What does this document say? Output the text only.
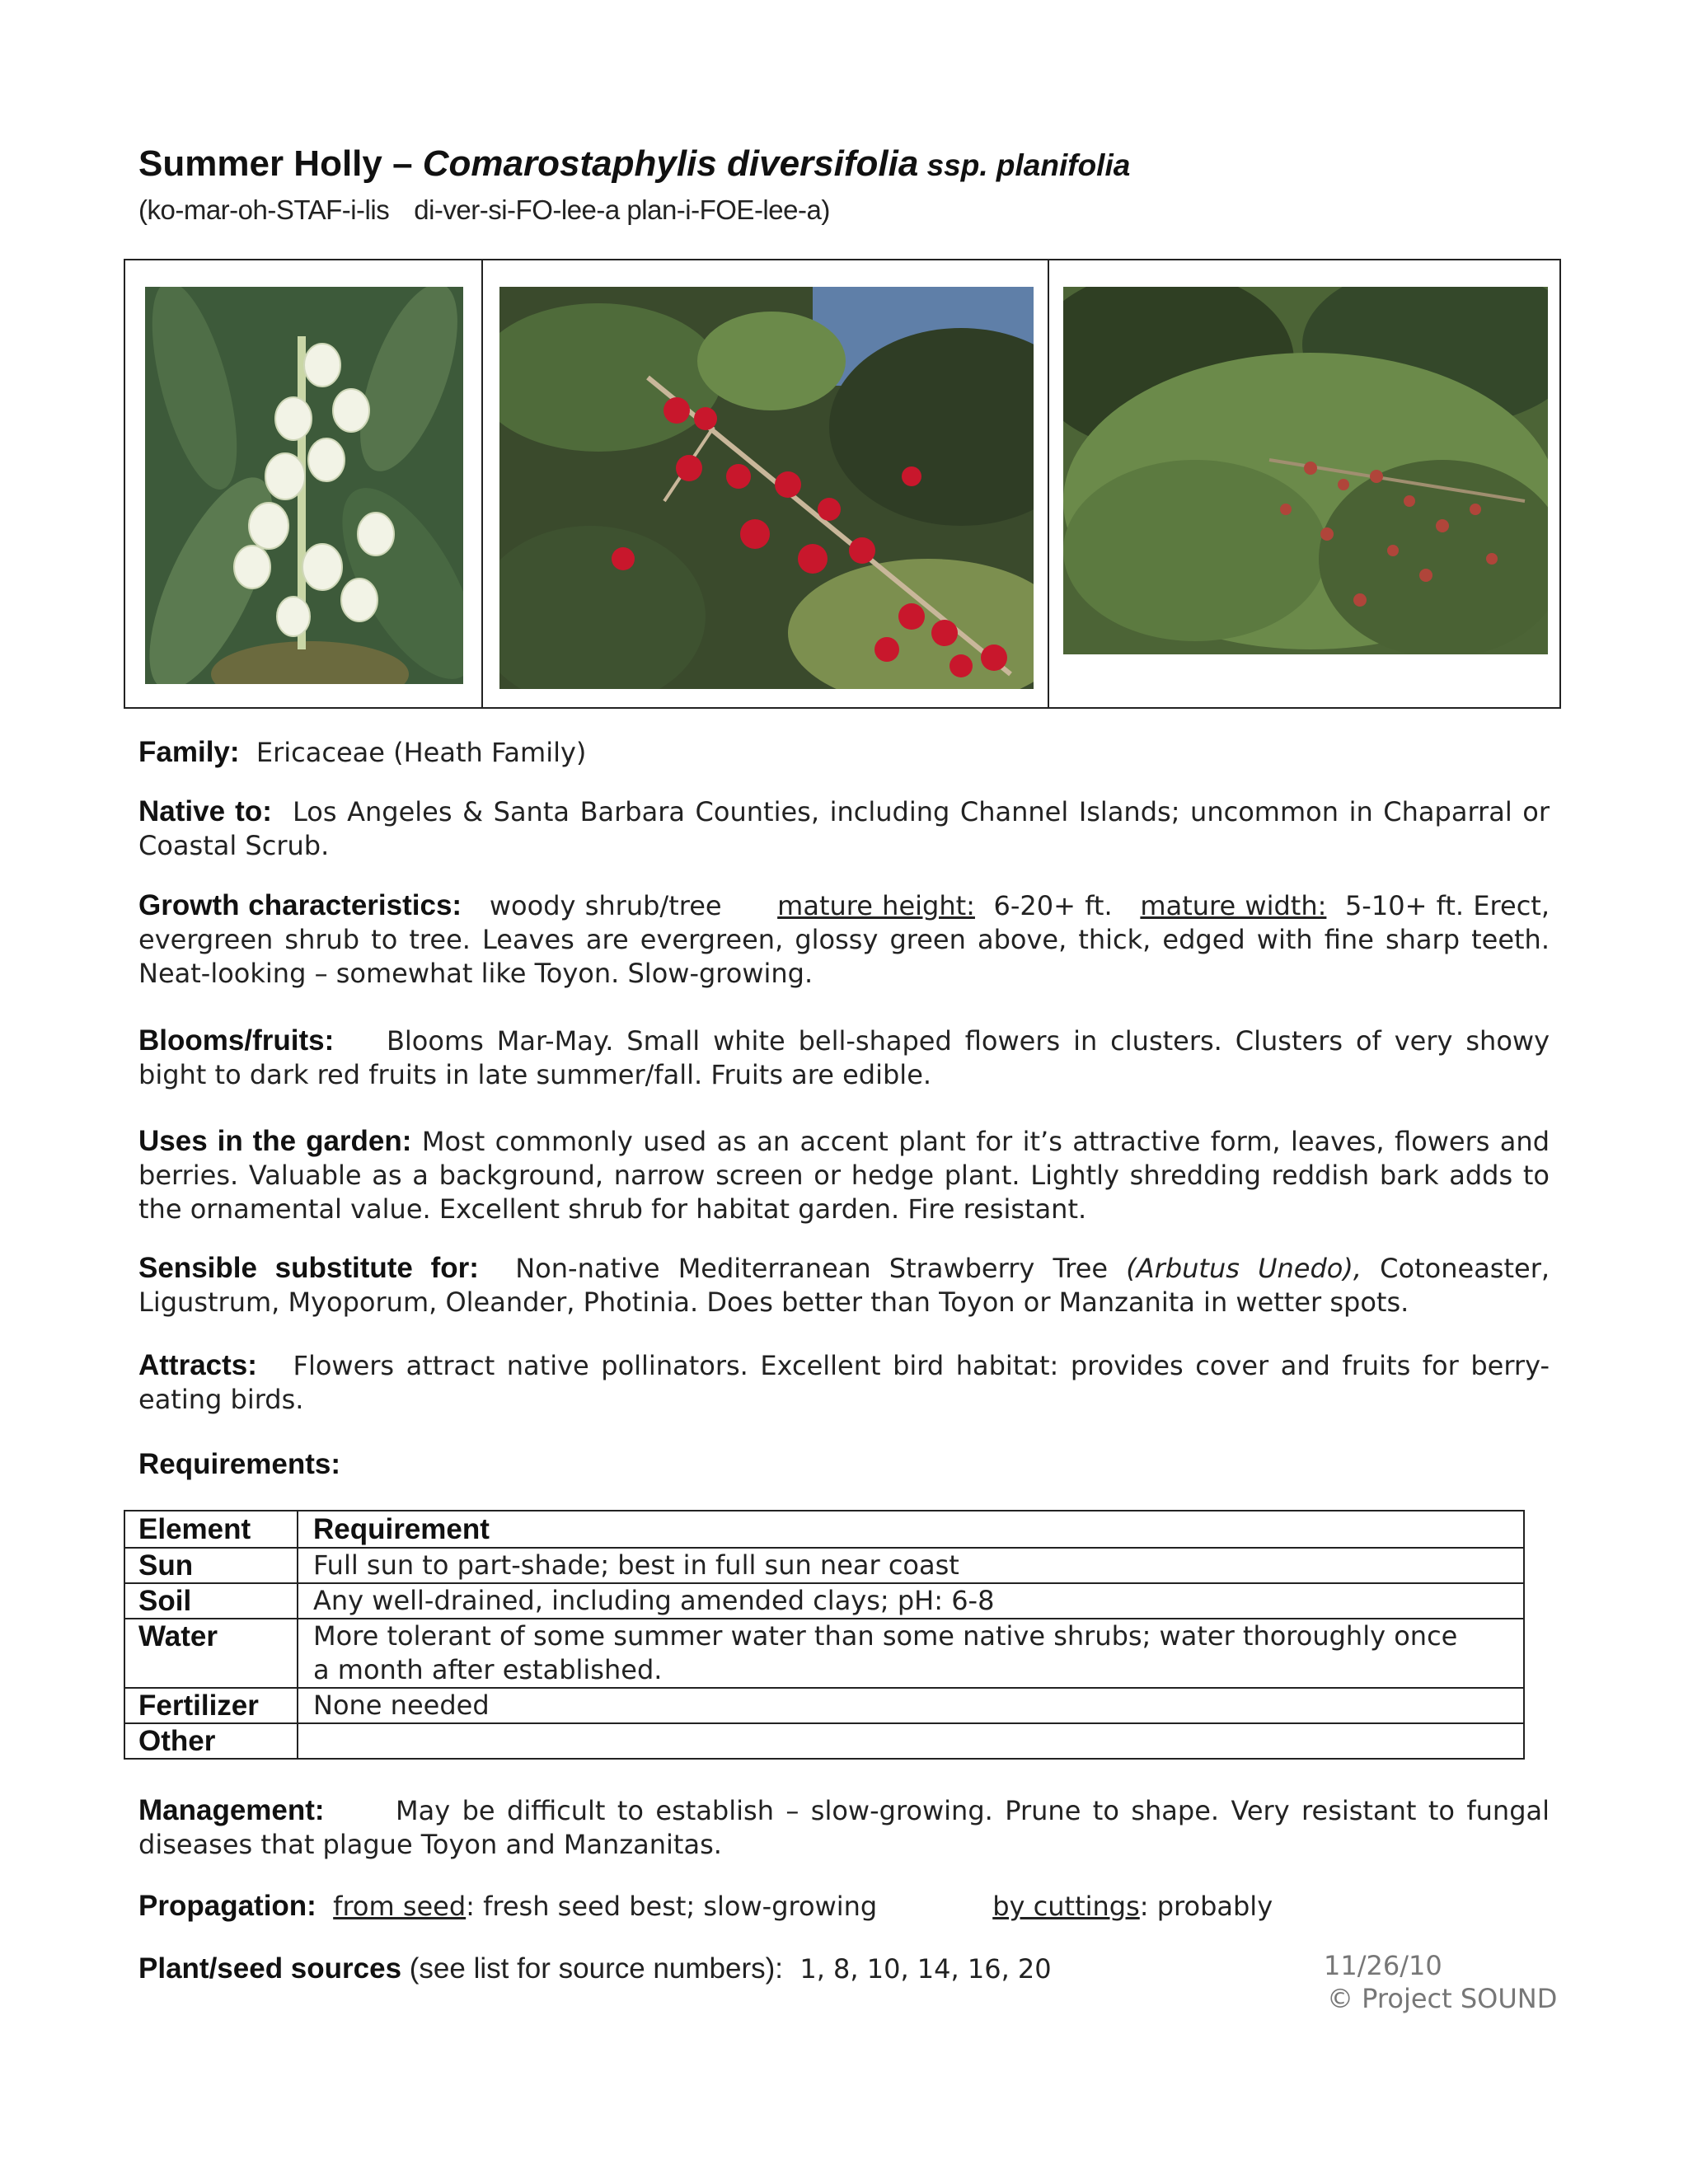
Summer Holly – Comarostaphylis diversifolia ssp. planifolia
(ko-mar-oh-STAF-i-lis di-ver-si-FO-lee-a plan-i-FOE-lee-a)
Family: Ericaceae (Heath Family)
Native to: Los Angeles & Santa Barbara Counties, including Channel Islands; uncommon in Chaparral or Coastal Scrub.
Growth characteristics: woody shrub/tree mature height: 6-20+ ft. mature width: 5-10+ ft. Erect, evergreen shrub to tree. Leaves are evergreen, glossy green above, thick, edged with fine sharp teeth. Neat-looking – somewhat like Toyon. Slow-growing.
Blooms/fruits: Blooms Mar-May. Small white bell-shaped flowers in clusters. Clusters of very showy bight to dark red fruits in late summer/fall. Fruits are edible.
Uses in the garden: Most commonly used as an accent plant for it’s attractive form, leaves, flowers and berries. Valuable as a background, narrow screen or hedge plant. Lightly shredding reddish bark adds to the ornamental value. Excellent shrub for habitat garden. Fire resistant.
Sensible substitute for: Non-native Mediterranean Strawberry Tree (Arbutus Unedo), Cotoneaster, Ligustrum, Myoporum, Oleander, Photinia. Does better than Toyon or Manzanita in wetter spots.
Attracts: Flowers attract native pollinators. Excellent bird habitat: provides cover and fruits for berry-eating birds.
Requirements:
Element	Requirement
Sun	Full sun to part-shade; best in full sun near coast
Soil	Any well-drained, including amended clays; pH: 6-8
Water	More tolerant of some summer water than some native shrubs; water thoroughly once a month after established.
Fertilizer	None needed
Other	
Management:	May be difficult to establish – slow-growing. Prune to shape. Very resistant to fungal diseases that plague Toyon and Manzanitas.
Propagation: from seed: fresh seed best; slow-growing	by cuttings: probably
Plant/seed sources (see list for source numbers): 1, 8, 10, 14, 16, 20	11/26/10
© Project SOUND
